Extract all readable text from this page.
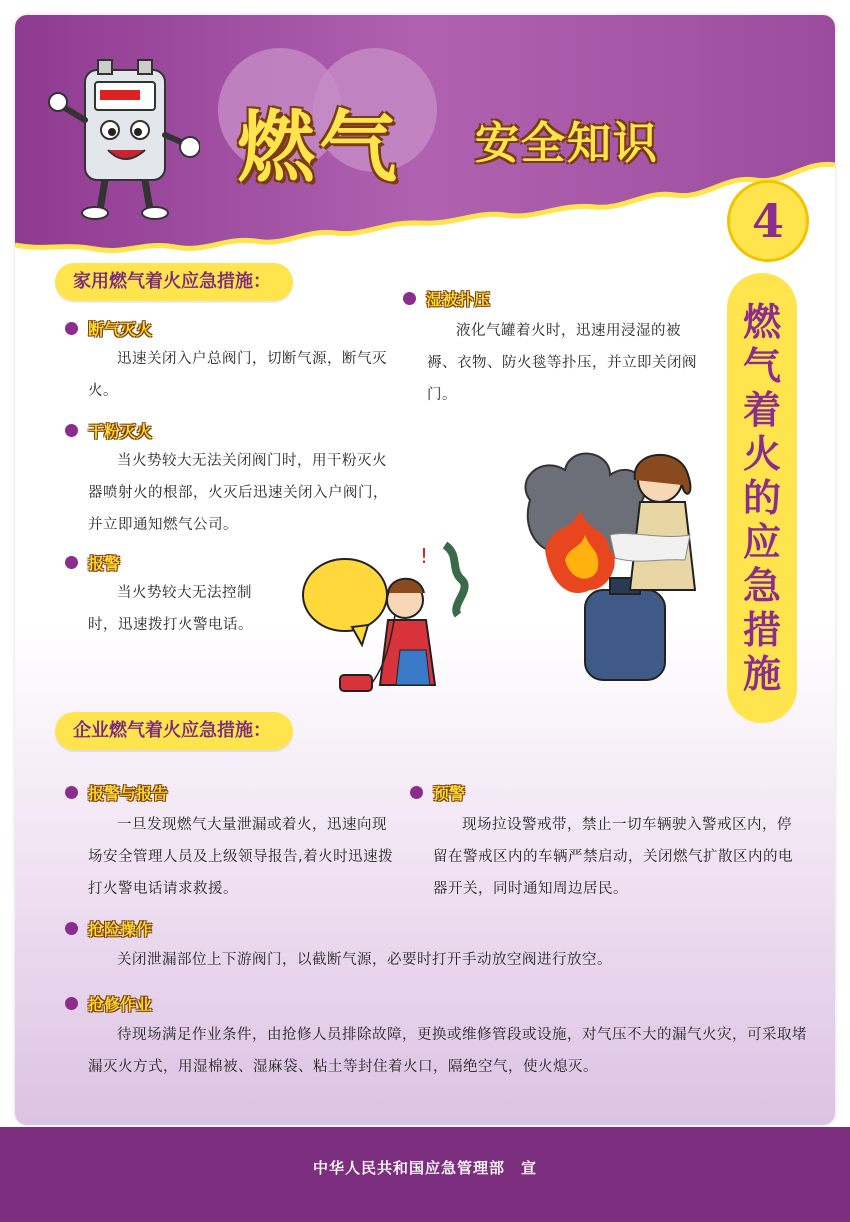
燃气 安全知识
4
燃
气
着
火
的
应
急
措
施
家用燃气着火应急措施：
断气灭火
迅速关闭入户总阀门，切断气源，断气灭火。
干粉灭火
当火势较大无法关闭阀门时，用干粉灭火器喷射火的根部，火灭后迅速关闭入户阀门，并立即通知燃气公司。
报警
当火势较大无法控制时，迅速拨打火警电话。
湿被扑压
液化气罐着火时，迅速用浸湿的被褥、衣物、防火毯等扑压，并立即关闭阀门。
!
企业燃气着火应急措施：
报警与报告
一旦发现燃气大量泄漏或着火，迅速向现场安全管理人员及上级领导报告,着火时迅速拨打火警电话请求救援。
预警
现场拉设警戒带，禁止一切车辆驶入警戒区内，停留在警戒区内的车辆严禁启动，关闭燃气扩散区内的电器开关，同时通知周边居民。
抢险操作
关闭泄漏部位上下游阀门，以截断气源，必要时打开手动放空阀进行放空。
抢修作业
待现场满足作业条件，由抢修人员排除故障，更换或维修管段或设施，对气压不大的漏气火灾，可采取堵漏灭火方式，用湿棉被、湿麻袋、粘土等封住着火口，隔绝空气，使火熄灭。
中华人民共和国应急管理部　宣
